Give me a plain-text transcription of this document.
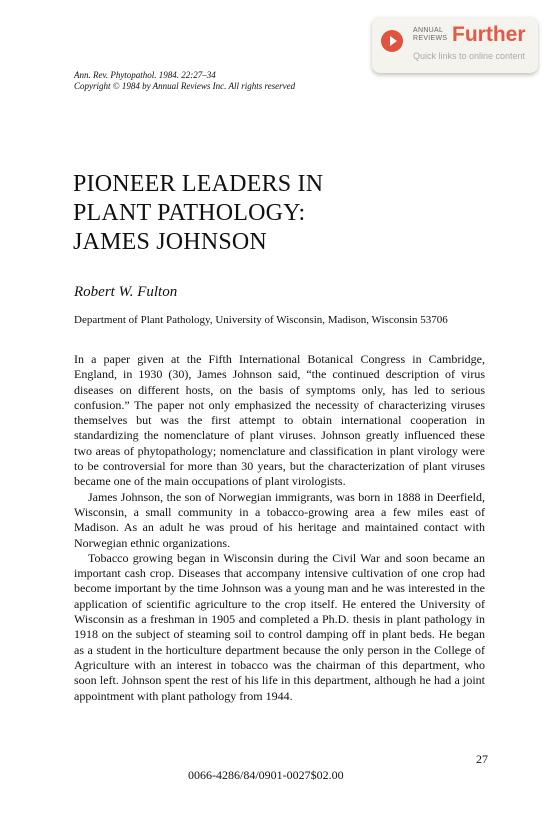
ANNUAL
REVIEWS Further
Quick links to online content
Ann. Rev. Phytopathol. 1984. 22:27–34
Copyright © 1984 by Annual Reviews Inc. All rights reserved
PIONEER LEADERS IN
PLANT PATHOLOGY:
JAMES JOHNSON
Robert W. Fulton
Department of Plant Pathology, University of Wisconsin, Madison, Wisconsin 53706

In a paper given at the Fifth International Botanical Congress in Cambridge, England, in 1930 (30), James Johnson said, “the continued description of virus diseases on different hosts, on the basis of symptoms only, has led to serious confusion.” The paper not only emphasized the necessity of characterizing viruses themselves but was the first attempt to obtain international cooperation in standardizing the nomenclature of plant viruses. Johnson greatly influenced these two areas of phytopathology; nomenclature and classification in plant virology were to be controversial for more than 30 years, but the characterization of plant viruses became one of the main occupations of plant virologists.

James Johnson, the son of Norwegian immigrants, was born in 1888 in Deerfield, Wisconsin, a small community in a tobacco-growing area a few miles east of Madison. As an adult he was proud of his heritage and maintained contact with Norwegian ethnic organizations.

Tobacco growing began in Wisconsin during the Civil War and soon became an important cash crop. Diseases that accompany intensive cultivation of one crop had become important by the time Johnson was a young man and he was interested in the application of scientific agriculture to the crop itself. He entered the University of Wisconsin as a freshman in 1905 and completed a Ph.D. thesis in plant pathology in 1918 on the subject of steaming soil to control damping off in plant beds. He began as a student in the horticulture department because the only person in the College of Agriculture with an interest in tobacco was the chairman of this department, who soon left. Johnson spent the rest of his life in this department, although he had a joint appointment with plant pathology from 1944.

27
0066-4286/84/0901-0027$02.00
